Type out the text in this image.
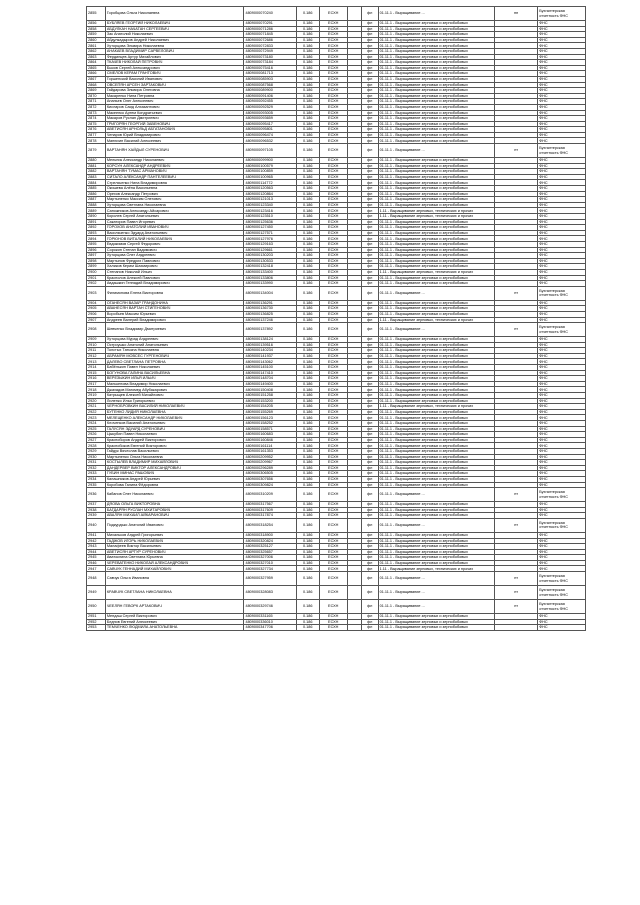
2855	Горобцова Ольга Николаевна	4809000070240	0.186	ЕСХН		фл	01.11.1 - Выращивание ...	нп	Бухгалтерская отчетность ФНС
2856	БУБЛЯЕВ ГЕОРГИЙ НИКОЛАЕВИЧ	4809000070291	0.186	ЕСХН		фл	01.11.1 - Выращивание зерновых и зернобобовых		ФНС
2858	АБДУЛКАН НАЧАТАН СЕРГЕЕВИЧ	4809000071286	0.186	ЕСХН		фл	01.11.1 - Выращивание зерновых и зернобобовых		ФНС
2859	Зак Анатолий Николаевич	4809000071845	0.186	ЕСХН		фл	01.11.1 - Выращивание зерновых и зернобобовых		ФНС
2860	Абдулкадыров Андрей Николаевич	4809000072686	0.186	ЕСХН		фл	01.11.1 - Выращивание зерновых и зернобобовых		ФНС
2861	Хуторцова Эльвира Николаевна	4809000072833	0.186	ЕСХН		фл	01.11.1 - Выращивание зерновых и зернобобовых		ФНС
2862	АНАКАЕВ ВЛАДИМИР САРВЕЛОВИЧ	4809000072949	0.186	ЕСХН		фл	01.11.1 - Выращивание зерновых и зернобобовых		ФНС
2863	Фердинцев Артур Михайлович	4809000073180	0.186	ЕСХН		фл	01.11.1 - Выращивание зерновых и зернобобовых		ФНС
2864	ТКАЧЕВ НИКОЛАЙ ПЕТРОВИЧ	4809000073184	0.186	ЕСХН		фл	01.11.1 - Выращивание зерновых и зернобобовых		ФНС
2865	Быков Сергей Александрович	4809000075416	0.186	ЕСХН		фл	01.11.1 - Выращивание зерновых и зернобобовых		ФНС
2866	СМЕЛОВ КЕРАМ ГРАНТОВИЧ	4809000081713	0.186	ЕСХН		фл	01.11.1 - Выращивание зерновых и зернобобовых		ФНС
2867	Горшенский Василий Иванович	4809000085903	0.186	ЕСХН		фл	01.11.1 - Выращивание зерновых и зернобобовых		ФНС
2868	ОВСЕПЯН АРСЕН ЗАРТАКОВИЧ	4809000087568	0.186	ЕСХН		фл	01.11.1 - Выращивание зерновых и зернобобовых		ФНС
2869	Гайдарова Эльвира Олеговна	4809000089900	0.186	ЕСХН		фл	01.11.1 - Выращивание зерновых и зернобобовых		ФНС
2870	Макаренко Нина Петровна	4809000091406	0.186	ЕСХН		фл	01.11.1 - Выращивание зерновых и зернобобовых		ФНС
2871	Ананьев Олег Алексеевич	4809000092455	0.186	ЕСХН		фл	01.11.1 - Выращивание зерновых и зернобобовых		ФНС
2872	Кисларов Саид Алхазантович	4809000092529	0.186	ЕСХН		фл	01.11.1 - Выращивание зерновых и зернобобовых		ФНС
2873	Макеенко Артем Кондратьевич	4809000093005	0.186	ЕСХН		фл	01.11.1 - Выращивание зерновых и зернобобовых		ФНС
2874	Макаров Руслан Дмитриевич	4809000093659	0.186	ЕСХН		фл	01.11.1 - Выращивание зерновых и зернобобовых		ФНС
2875	ГРИГОРЯН ГЕОРГИЙ ЗАВЕНОВИЧ	4809000095417	0.186	ЕСХН		фл	01.11.1 - Выращивание зерновых и зернобобовых		ФНС
2876	АВЕТИСЯН АРНОЛЬД АБГАТАНОВИЧ	4809000095801	0.186	ЕСХН		фл	01.11.1 - Выращивание зерновых и зернобобовых		ФНС
2877	Чепаров Юрий Владимирович	4809000096474	0.186	ЕСХН		фл	01.11.1 - Выращивание зерновых и зернобобовых		ФНС
2878	Манюхин Василий Алексеевич	4809000096532	0.186	ЕСХН		фл	01.11.1 - Выращивание зерновых и зернобобовых		ФНС
2879	ВАРТАНЯН ХАЙДЫЛ СУРЕНОВИЧ	4809000097105	0.186	ЕСХН		фл	01.11.1 - Выращивание ...	нт	Бухгалтерская отчетность ФНС
2880	Мельник Александр Николаевич	4809000099900	0.186	ЕСХН		фл	01.11.1 - Выращивание зерновых и зернобобовых		ФНС
2881	КОРСУН АЛЕКСАНДР АНДРЕЕВИЧ	4809000100579	0.186	ЕСХН		фл	01.11.1 - Выращивание зерновых и зернобобовых		ФНС
2882	ВАРТАНЯН ТУМАС АРМАНОВИЧ	4809000100859	0.186	ЕСХН		фл	01.11.1 - Выращивание зерновых и зернобобовых		ФНС
2883	СИТАЛО АЛЕКСАНДР ПАНТЕЛЕЕВИЧ	4809000100965	0.186	ЕСХН		фл	01.11.1 - Выращивание зерновых и зернобобовых		ФНС
2884	Стрельченко Нина Владимировна	4809000114772	0.186	ЕСХН		фл	01.11.1 - Выращивание зерновых и зернобобовых		ФНС
2885	Окишева Алёна Васильевна	4809000120563	0.186	ЕСХН		фл	01.11.1 - Выращивание зерновых и зернобобовых		ФНС
2886	Орехов Александр Петрович	4809000120864	0.186	ЕСХН		фл	01.11.1 - Выращивание зерновых и зернобобовых		ФНС
2887	Мартыненко Максим Олегович	4809000121013	0.186	ЕСХН		фл	01.11.1 - Выращивание зерновых и зернобобовых		ФНС
2888	Хуторцова Светлана Николаевна	4809000123340	0.186	ЕСХН		фл	01.11.1 - Выращивание зерновых и зернобобовых		ФНС
2889	Сапожников Александр Айсарович	4809000123416	0.186	ЕСХН		фл	1.11 - Выращивание зерновых, технических и прочих		ФНС
2890	Королев Сергей Анатольевич	4809000123510	0.186	ЕСХН		фл	1.11 - Выращивание зерновых, технических и прочих		ФНС
2891	Сакаторов Павел Игоревич	4809000125636	0.186	ЕСХН		фл	01.11.1 - Выращивание зерновых и зернобобовых		ФНС
2892	ГОРОХОВ АНАТОЛИЙ ИВАНОВИЧ	4809000127450	0.186	ЕСХН		фл	01.11.1 - Выращивание зерновых и зернобобовых		ФНС
2893	Васильченко Эдуард Анатольевич	4809000127571	0.186	ЕСХН		фл	01.11.1 - Выращивание зерновых и зернобобовых		ФНС
2894	ГОРЮНОВ ВИТАЛИЙ НИКОЛАЕВИЧ	4809000127976	0.186	ЕСХН		фл	01.11.1 - Выращивание зерновых и зернобобовых		ФНС
2895	Евдокимов Сергей Федорович	4809000129163	0.186	ЕСХН		фл	01.11.1 - Выращивание зерновых и зернобобовых		ФНС
2896	Сорокин Степан Вадимович	4809000129661	0.186	ЕСХН		фл	01.11.1 - Выращивание зерновых и зернобобовых		ФНС
2897	Хуторцова Олег Андреевич	4809000130203	0.186	ЕСХН		фл	01.11.1 - Выращивание зерновых и зернобобовых		ФНС
2898	Мартынов Фредрих Павлович	4809000130533	0.186	ЕСХН		фл	01.11.1 - Выращивание зерновых и зернобобовых		ФНС
2899	Халиков Керим Шахмирович	4809000132418	0.186	ЕСХН		фл	01.11.1 - Выращивание зерновых и зернобобовых		ФНС
2900	Степанов Николай Ильич	4809000133400	0.186	ЕСХН		фл	1.11 - Выращивание зерновых, технических и прочих		ФНС
2901	Краснолов Алексей Павлович	4809000133806	0.186	ЕСХН		фл	01.11.1 - Выращивание зерновых и зернобобовых		ФНС
2902	Авдашкин Геннадий Владимирович	4809000133990	0.186	ЕСХН		фл	01.11.1 - Выращивание зерновых и зернобобовых		ФНС
2903	Филимонова Елена Викторовна	4809000134004	0.186	ЕСХН		фл	01.11.1 - Выращивание ...	нт	Бухгалтерская отчетность ФНС
2904	ОГАНЕСЯН ВАЗАР ГРАНДОНИНА	4809000136291	0.186	ЕСХН		фл	01.11.1 - Выращивание зерновых и зернобобовых		ФНС
2905	АВАНЕСЯН ВАРТАН СТИГЕНОВИЧ	4809000136730	0.186	ЕСХН		фл	01.11.1 - Выращивание зерновых и зернобобовых		ФНС
2906	Воробьев Максим Юрьевич	4809000136825	0.186	ЕСХН		фл	01.11.1 - Выращивание зерновых и зернобобовых		ФНС
2907	Андреев Валерий Владимирович	4809000137246	0.186	ЕСХН		фл	1.11 - Выращивание зерновых, технических и прочих		ФНС
2908	Шевченко Владимир Дмитриевич	4809000137892	0.186	ЕСХН		фл	01.11.1 - Выращивание ...	нт	Бухгалтерская отчетность ФНС
2909	Хуторцова Мурад Андреевич	4809000138124	0.186	ЕСХН		фл	01.11.1 - Выращивание зерновых и зернобобовых		ФНС
2910	Остроушко Анатолий Анатольевич	4809000139516	0.186	ЕСХН		фл	01.11.1 - Выращивание зерновых и зернобобовых		ФНС
2911	Толстых Татьяна Николаевна	4809000140234	0.186	ЕСХН		фл	01.11.1 - Выращивание зерновых и зернобобовых		ФНС
2912	АБРАМЯН МОВСЕС ГУРГЕНОВИЧ	4809000141937	0.186	ЕСХН		фл	01.11.1 - Выращивание зерновых и зернобобовых		ФНС
2913	ДАЛЕВО СВЕТЛАНА ПЕТРОВНА	4809000143062	0.186	ЕСХН		фл	01.11.1 - Выращивание зерновых и зернобобовых		ФНС
2914	Бабёлькин Павел Николаевич	4809000145100	0.186	ЕСХН		фл	01.11.1 - Выращивание зерновых и зернобобовых		ФНС
2915	БОГУНОВА ГАЛИНА ВАСИЛЬЕВНА	4809000147410	0.186	ЕСХН		фл	01.11.1 - Выращивание зерновых и зернобобовых		ФНС
2916	ВЕРЕЗЫКИН ИЛЬЯ ИЛЬИЧ	4809000148704	0.186	ЕСХН		фл	01.11.1 - Выращивание зерновых и зернобобовых		ФНС
2917	Малькенова Владимир Николаевич	4809000149400	0.186	ЕСХН		фл	01.11.1 - Выращивание зерновых и зернобобовых		ФНС
2918	Джахадов Магомед Абубакарович	4809000150408	0.186	ЕСХН		фл	01.11.1 - Выращивание зерновых и зернобобовых		ФНС
2919	Катрыщев Алексей Михайлович	4809000151258	0.186	ЕСХН		фл	01.11.1 - Выращивание зерновых и зернобобовых		ФНС
2920	Лиленко Илья Григорьевич	4809000153200	0.186	ЕСХН		фл	01.11.1 - Выращивание зерновых и зернобобовых		ФНС
2921	ЧЕРНОБРОВКИН ВАСИЛИЙ НИКОЛАЕВИЧ	4809000154205	0.186	ЕСХН		фл	1.11 - Выращивание зерновых, технических и прочих		ФНС
2922	БУТЕНКО ЛИДИЯ НИКОЛАЕВНА	4809000155269	0.186	ЕСХН		фл	01.11.1 - Выращивание зерновых и зернобобовых		ФНС
2923	МЕЛЕЩЕНКО АЛЕКСАНДР НИКОЛАЕВИЧ	4809000156123	0.186	ЕСХН		фл	01.11.1 - Выращивание зерновых и зернобобовых		ФНС
2924	Клоченков Василий Анатольевич	4809000158252	0.186	ЕСХН		фл	01.11.1 - Выращивание зерновых и зернобобовых		ФНС
2925	ГАЛУСЯН ЭДУАРД СУРЕНОВИЧ	4809000158571	0.186	ЕСХН		фл	01.11.1 - Выращивание зерновых и зернобобовых		ФНС
2926	Цыкубин Павел Николаевич	4809000160683	0.186	ЕСХН		фл	01.11.1 - Выращивание зерновых и зернобобовых		ФНС
2927	Красноборов Андрей Викторович	4809000160846	0.186	ЕСХН		фл	01.11.1 - Выращивание зерновых и зернобобовых		ФНС
2928	Краснобоков Евгений Викторович	4809000161114	0.186	ЕСХН		фл	01.11.1 - Выращивание зерновых и зернобобовых		ФНС
2929	Гайдук Вячеслав Васильевич	4809000161353	0.186	ЕСХН		фл	01.11.1 - Выращивание зерновых и зернобобовых		ФНС
2930	Мартыненко Ольга Николаевна	4809000209952	0.186	ЕСХН		фл	01.11.1 - Выращивание зерновых и зернобобовых		ФНС
2931	КОСТЫЛЕВ ВЛАДИМИР МИХАЙЛОВИЧ	4809000209967	0.186	ЕСХН		фл	01.11.1 - Выращивание зерновых и зернобобовых		ФНС
2932	ДАНДЕРВЕР ВИКТОР АЛЕКСАНДРОВИЧ	4809000296289	0.186	ЕСХН		фл	01.11.1 - Выращивание зерновых и зернобобовых		ФНС
2933	ГУБИН МИНАС РАШОВИЧ	4809000306505	0.186	ЕСХН		фл	01.11.1 - Выращивание зерновых и зернобобовых		ФНС
2934	Калашников Андрей Юрьевич	4809000307656	0.186	ЕСХН		фл	01.11.1 - Выращивание зерновых и зернобобовых		ФНС
2935	Коробова Галина Фёдоровна	4809000309824	0.186	ЕСХН		фл	01.11.1 - Выращивание зерновых и зернобобовых		ФНС
2936	Кабанов Олег Николаевич	4809000310209	0.186	ЕСХН		фл	01.11.1 - Выращивание ...	нт	Бухгалтерская отчетность ФНС
2937	ДЯОВА ОЛЬГА ВИКТОРОВНА	4809000317567	0.186	ЕСХН		фл	01.11.1 - Выращивание зерновых и зернобобовых		ФНС
2938	БАГДАРЯН РУСЛАН МХИТАРОВИЧ	4809000317609	0.186	ЕСХН		фл	01.11.1 - Выращивание зерновых и зернобобовых		ФНС
2939	АВАЛЯН МИХАИЛ АЙКАРАНОВИЧ	4809000317874	0.186	ЕСХН		фл	01.11.1 - Выращивание зерновых и зернобобовых		ФНС
2940	Подкурдько Анатолий Иванович	4809000318254	0.186	ЕСХН		фл	01.11.1 - Выращивание ...	нт	Бухгалтерская отчетность ФНС
2941	Михальков Андрей Григорьевич	4809000318900	0.186	ЕСХН		фл	01.11.1 - Выращивание зерновых и зернобобовых		ФНС
2942	ГАДЖОВ ИГОРЬ НИКОЛАЕВИЧ	4809000320824	0.186	ЕСХН		фл	01.11.1 - Выращивание зерновых и зернобобовых		ФНС
2943	Малафеев Виктор Васильевич	4809000325127	0.186	ЕСХН		фл	01.11.1 - Выращивание зерновых и зернобобовых		ФНС
2944	АВЕТИСЯН АРТУР СУРЕНОВИЧ	4809000325657	0.186	ЕСХН		фл	01.11.1 - Выращивание зерновых и зернобобовых		ФНС
2945	Аватоклина Светлана Юрьевна	4809000327006	0.186	ЕСХН		фл	01.11.1 - Выращивание зерновых и зернобобовых		ФНС
2946	ЧЕРЕВАТЕНКО НИКОЛАЙ АЛЕКСАНДРОВИЧ	4809000327010	0.186	ЕСХН		фл	01.11.1 - Выращивание зерновых и зернобобовых		ФНС
2947	САВЧУК ГЕННАДИЙ МИХАЙЛОВИЧ	4809000327734	0.186	ЕСХН		фл	1.11 - Выращивание зерновых, технических и прочих		ФНС
2948	Савчук Ольга Ивановна	4809000327959	0.186	ЕСХН		фл	01.11.1 - Выращивание ...	нт	Бухгалтерская отчетность ФНС
2949	КРАВЧУК СВЕТЛАНА НИКОЛАЕВНА	4809000328083	0.186	ЕСХН		фл	01.11.1 - Выращивание ...	нт	Бухгалтерская отчетность ФНС
2950	ЧЕЕЛЯН ГЕВОРК АРТАКОВИЧ	4809000329746	0.186	ЕСХН		фл	01.11.1 - Выращивание ...	нт	Бухгалтерская отчетность ФНС
2951	Мендаш Сергей Викторович	4809000331165	0.186	ЕСХН		фл	01.11.1 - Выращивание зерновых и зернобобовых		ФНС
2952	Беднов Евгений Алексеевич	4809000336010	0.186	ЕСХН		фл	01.11.1 - Выращивание зерновых и зернобобовых		ФНС
2953	ТЕМЧЕНКО ЛЮДМИЛА АНАТОЛЬЕВНА	4809000347706	0.186	ЕСХН		фл	01.11.1 - Выращивание зерновых и зернобобовых		ФНС
